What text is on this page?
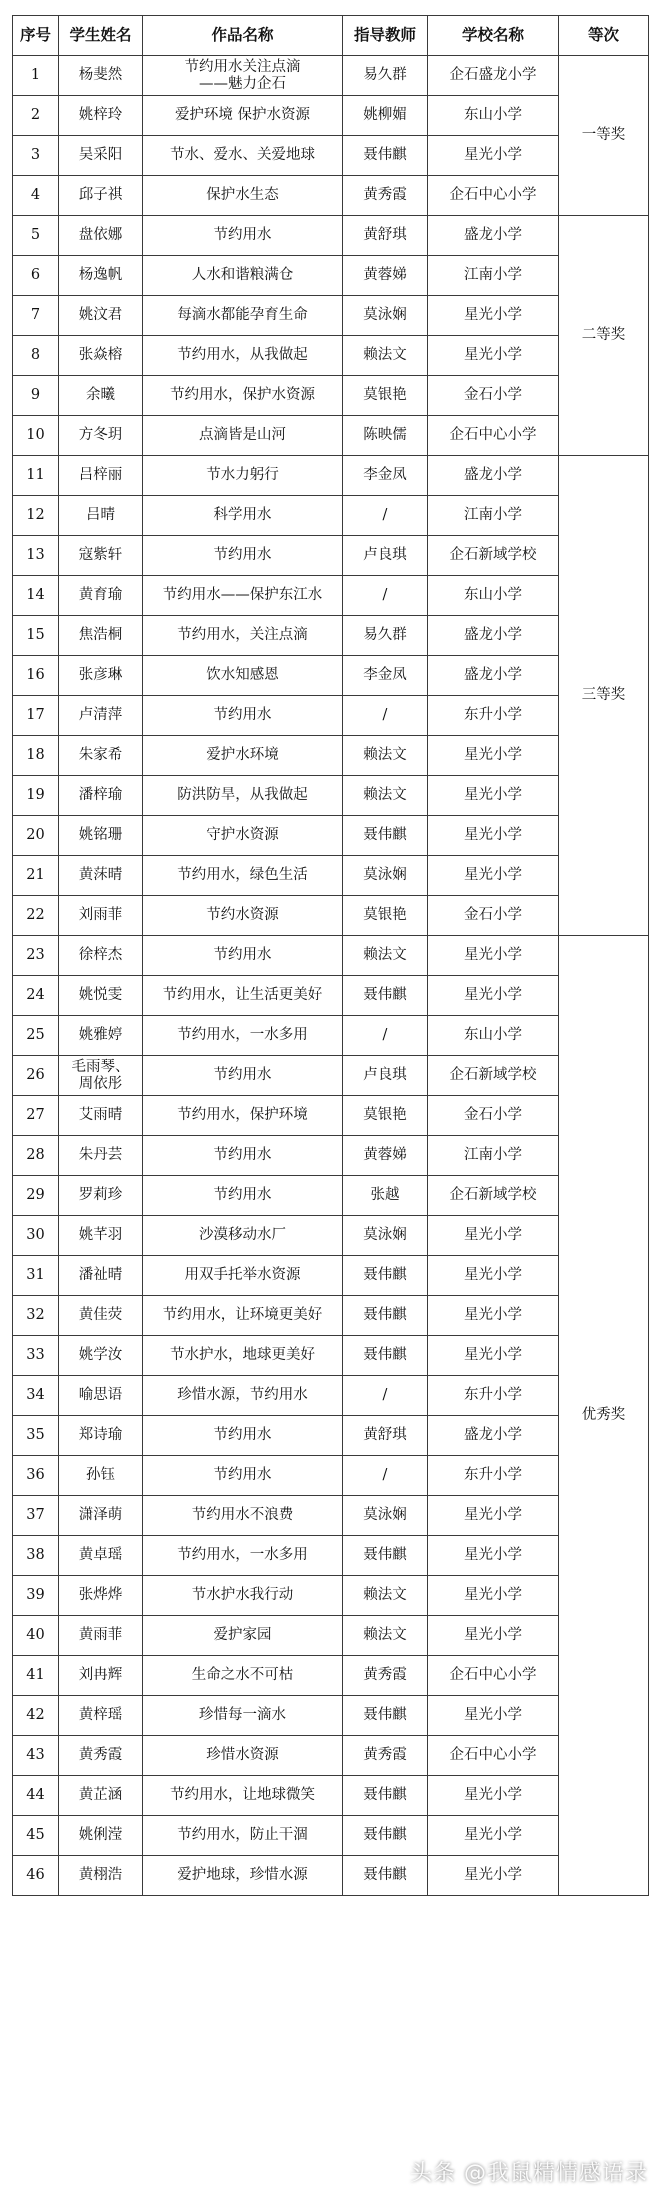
序号	学生姓名	作品名称	指导教师	学校名称	等次
1	杨斐然	节约用水关注点滴
——魅力企石	易久群	企石盛龙小学	一等奖
2	姚梓玲	爱护环境 保护水资源	姚柳媚	东山小学	
3	吴采阳	节水、爱水、关爱地球	聂伟麒	星光小学	
4	邱子祺	保护水生态	黄秀霞	企石中心小学	
5	盘依娜	节约用水	黄舒琪	盛龙小学	二等奖
6	杨逸帆	人水和谐粮满仓	黄蓉娣	江南小学	
7	姚汶君	每滴水都能孕育生命	莫泳娴	星光小学	
8	张焱榕	节约用水，从我做起	赖法文	星光小学	
9	余曦	节约用水，保护水资源	莫银艳	金石小学	
10	方冬玥	点滴皆是山河	陈映儒	企石中心小学	
11	吕梓丽	节水力躬行	李金凤	盛龙小学	三等奖
12	吕晴	科学用水	/	江南小学	
13	寇紫轩	节约用水	卢良琪	企石新域学校	
14	黄育瑜	节约用水——保护东江水	/	东山小学	
15	焦浩桐	节约用水，关注点滴	易久群	盛龙小学	
16	张彦琳	饮水知感恩	李金凤	盛龙小学	
17	卢清萍	节约用水	/	东升小学	
18	朱家希	爱护水环境	赖法文	星光小学	
19	潘梓瑜	防洪防旱，从我做起	赖法文	星光小学	
20	姚铭珊	守护水资源	聂伟麒	星光小学	
21	黄莯晴	节约用水，绿色生活	莫泳娴	星光小学	
22	刘雨菲	节约水资源	莫银艳	金石小学	
23	徐梓杰	节约用水	赖法文	星光小学	优秀奖
24	姚悦雯	节约用水，让生活更美好	聂伟麒	星光小学	
25	姚雅婷	节约用水，一水多用	/	东山小学	
26	毛雨琴、
周依彤	节约用水	卢良琪	企石新域学校	
27	艾雨晴	节约用水，保护环境	莫银艳	金石小学	
28	朱丹芸	节约用水	黄蓉娣	江南小学	
29	罗莉珍	节约用水	张越	企石新域学校	
30	姚芊羽	沙漠移动水厂	莫泳娴	星光小学	
31	潘祉晴	用双手托举水资源	聂伟麒	星光小学	
32	黄佳荧	节约用水，让环境更美好	聂伟麒	星光小学	
33	姚学汝	节水护水，地球更美好	聂伟麒	星光小学	
34	喻思语	珍惜水源，节约用水	/	东升小学	
35	郑诗瑜	节约用水	黄舒琪	盛龙小学	
36	孙钰	节约用水	/	东升小学	
37	潇泽萌	节约用水不浪费	莫泳娴	星光小学	
38	黄卓瑶	节约用水，一水多用	聂伟麒	星光小学	
39	张烨烨	节水护水我行动	赖法文	星光小学	
40	黄雨菲	爱护家园	赖法文	星光小学	
41	刘冉辉	生命之水不可枯	黄秀霞	企石中心小学	
42	黄梓瑶	珍惜每一滴水	聂伟麒	星光小学	
43	黄秀霞	珍惜水资源	黄秀霞	企石中心小学	
44	黄芷涵	节约用水，让地球微笑	聂伟麒	星光小学	
45	姚俐滢	节约用水，防止干涸	聂伟麒	星光小学	
46	黄栩浩	爱护地球，珍惜水源	聂伟麒	星光小学	
头条 @我鼠精情感语录
